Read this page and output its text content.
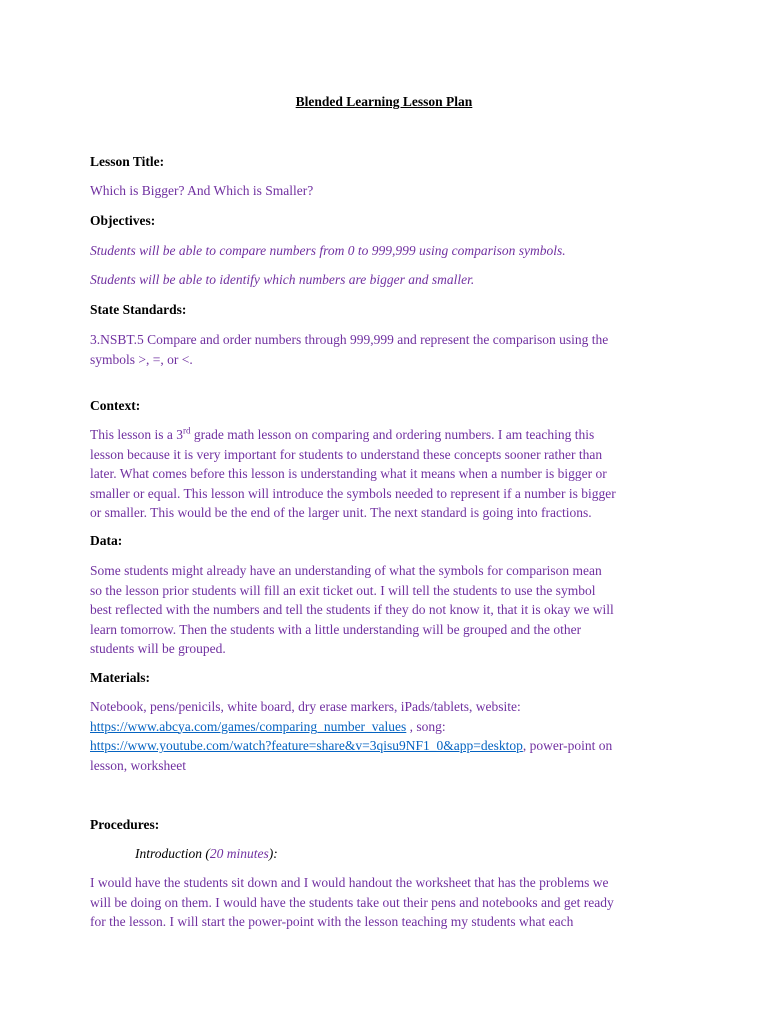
Blended Learning Lesson Plan
Lesson Title:
Which is Bigger? And Which is Smaller?
Objectives:
Students will be able to compare numbers from 0 to 999,999 using comparison symbols.
Students will be able to identify which numbers are bigger and smaller.
State Standards:
3.NSBT.5 Compare and order numbers through 999,999 and represent the comparison using the
symbols >, =, or <.
Context:
This lesson is a 3rd grade math lesson on comparing and ordering numbers. I am teaching this
lesson because it is very important for students to understand these concepts sooner rather than
later. What comes before this lesson is understanding what it means when a number is bigger or
smaller or equal. This lesson will introduce the symbols needed to represent if a number is bigger
or smaller. This would be the end of the larger unit. The next standard is going into fractions.
Data:
Some students might already have an understanding of what the symbols for comparison mean
so the lesson prior students will fill an exit ticket out. I will tell the students to use the symbol
best reflected with the numbers and tell the students if they do not know it, that it is okay we will
learn tomorrow. Then the students with a little understanding will be grouped and the other
students will be grouped.
Materials:
Notebook, pens/penicils, white board, dry erase markers, iPads/tablets, website:
https://www.abcya.com/games/comparing_number_values , song:
https://www.youtube.com/watch?feature=share&v=3qisu9NF1_0&app=desktop, power-point on
lesson, worksheet
Procedures:
Introduction (20 minutes):
I would have the students sit down and I would handout the worksheet that has the problems we
will be doing on them. I would have the students take out their pens and notebooks and get ready
for the lesson. I will start the power-point with the lesson teaching my students what each
